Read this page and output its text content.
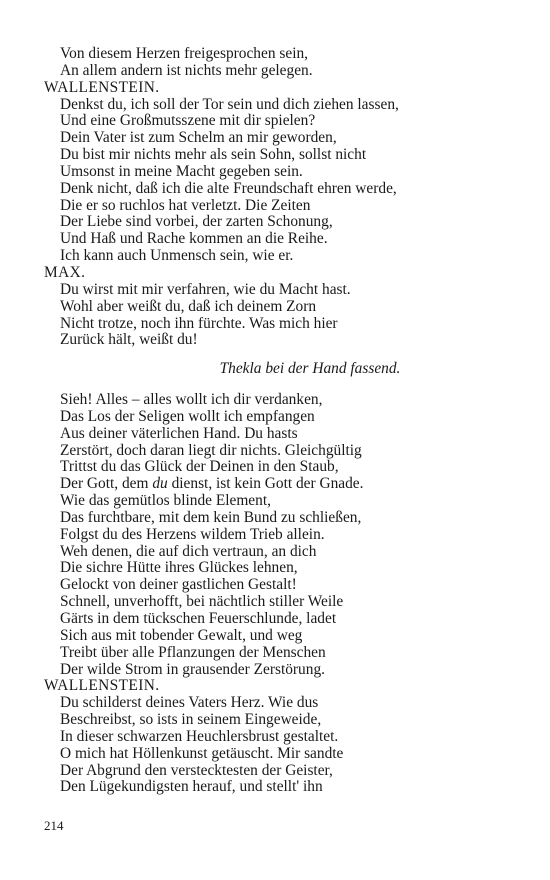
Von diesem Herzen freigesprochen sein,
An allem andern ist nichts mehr gelegen.
WALLENSTEIN.
Denkst du, ich soll der Tor sein und dich ziehen lassen,
Und eine Großmutsszene mit dir spielen?
Dein Vater ist zum Schelm an mir geworden,
Du bist mir nichts mehr als sein Sohn, sollst nicht
Umsonst in meine Macht gegeben sein.
Denk nicht, daß ich die alte Freundschaft ehren werde,
Die er so ruchlos hat verletzt. Die Zeiten
Der Liebe sind vorbei, der zarten Schonung,
Und Haß und Rache kommen an die Reihe.
Ich kann auch Unmensch sein, wie er.
MAX.
Du wirst mit mir verfahren, wie du Macht hast.
Wohl aber weißt du, daß ich deinem Zorn
Nicht trotze, noch ihn fürchte. Was mich hier
Zurück hält, weißt du!
Thekla bei der Hand fassend.
Sieh! Alles – alles wollt ich dir verdanken,
Das Los der Seligen wollt ich empfangen
Aus deiner väterlichen Hand. Du hasts
Zerstört, doch daran liegt dir nichts. Gleichgültig
Trittst du das Glück der Deinen in den Staub,
Der Gott, dem du dienst, ist kein Gott der Gnade.
Wie das gemütlos blinde Element,
Das furchtbare, mit dem kein Bund zu schließen,
Folgst du des Herzens wildem Trieb allein.
Weh denen, die auf dich vertraun, an dich
Die sichre Hütte ihres Glückes lehnen,
Gelockt von deiner gastlichen Gestalt!
Schnell, unverhofft, bei nächtlich stiller Weile
Gärts in dem tückschen Feuerschlunde, ladet
Sich aus mit tobender Gewalt, und weg
Treibt über alle Pflanzungen der Menschen
Der wilde Strom in grausender Zerstörung.
WALLENSTEIN.
Du schilderst deines Vaters Herz. Wie dus
Beschreibst, so ists in seinem Eingeweide,
In dieser schwarzen Heuchlersbrust gestaltet.
O mich hat Höllenkunst getäuscht. Mir sandte
Der Abgrund den verstecktesten der Geister,
Den Lügekundigsten herauf, und stellt' ihn
214
